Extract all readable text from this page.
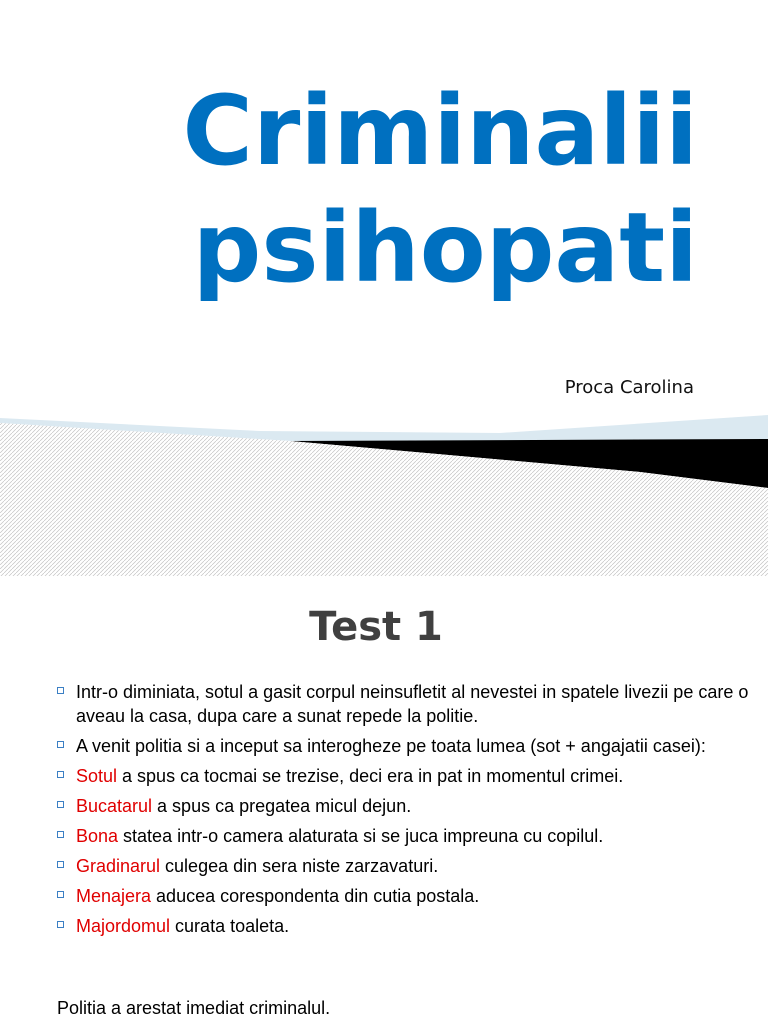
Criminalii
psihopati
Proca Carolina
Test 1
Intr-o diminiata, sotul a gasit corpul neinsufletit al nevestei in spatele livezii pe care o aveau la casa, dupa care a sunat repede la politie.
A venit politia si a inceput sa interogheze pe toata lumea (sot + angajatii casei):
Sotul a spus ca tocmai se trezise, deci era in pat in momentul crimei.
Bucatarul a spus ca pregatea micul dejun.
Bona statea intr-o camera alaturata si se juca impreuna cu copilul.
Gradinarul culegea din sera niste zarzavaturi.
Menajera aducea corespondenta din cutia postala.
Majordomul curata toaleta.

Politia a arestat imediat criminalul.
